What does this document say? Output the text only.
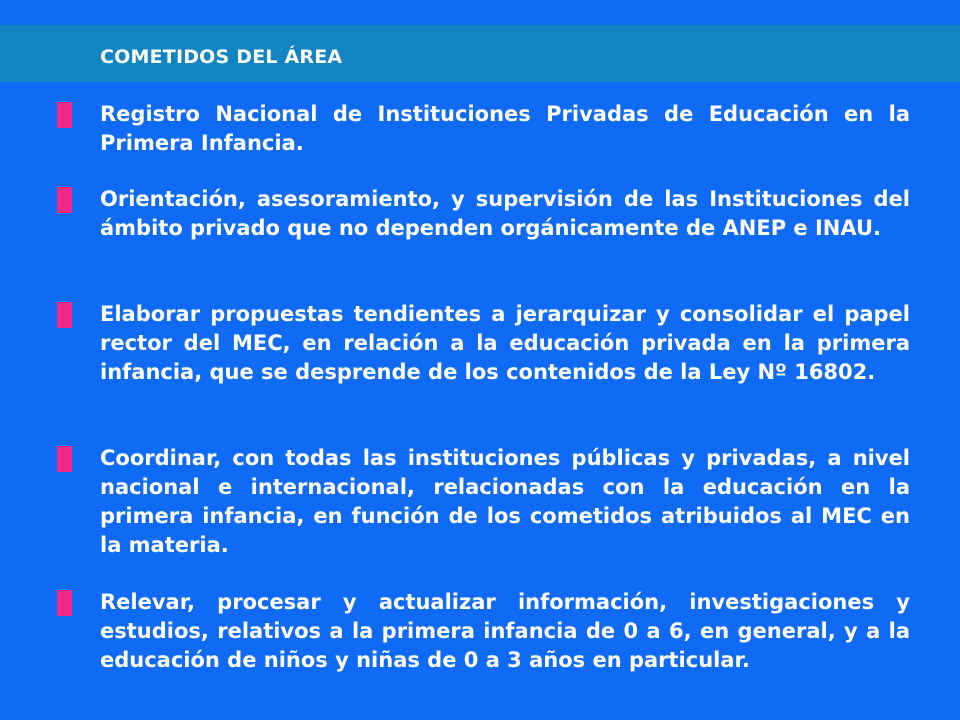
COMETIDOS DEL ÁREA

Registro Nacional de Instituciones Privadas de Educación en la Primera Infancia.

Orientación, asesoramiento, y supervisión de las Instituciones del ámbito privado que no dependen orgánicamente de ANEP e INAU.

Elaborar propuestas tendientes a jerarquizar y consolidar el papel rector del MEC, en relación a la educación privada en la primera infancia, que se desprende de los contenidos de la Ley Nº 16802.

Coordinar, con todas las instituciones públicas y privadas, a nivel nacional e internacional, relacionadas con la educación en la primera infancia, en función de los cometidos atribuidos al MEC en la materia.

Relevar, procesar y actualizar información, investigaciones y estudios, relativos a la primera infancia de 0 a 6, en general, y a la educación de niños y niñas de 0 a 3 años en particular.
